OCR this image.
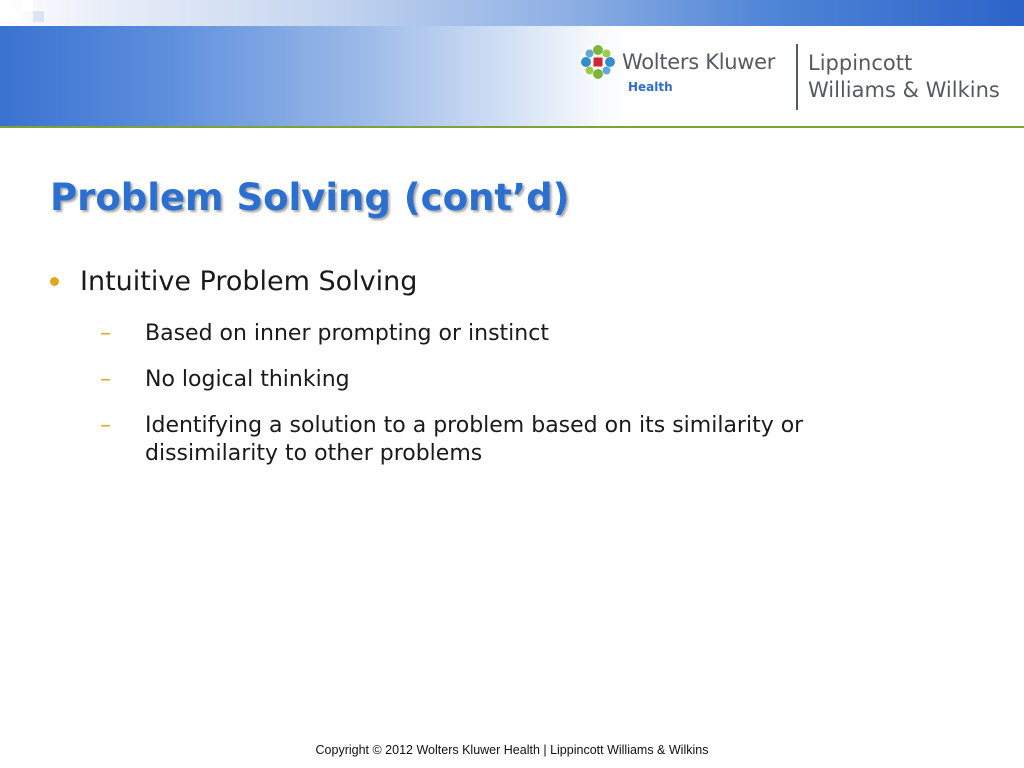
Wolters Kluwer
Health
Lippincott
Williams & Wilkins
Problem Solving (cont’d)
Intuitive Problem Solving
– Based on inner prompting or instinct
– No logical thinking
– Identifying a solution to a problem based on its similarity or dissimilarity to other problems
Copyright © 2012 Wolters Kluwer Health | Lippincott Williams & Wilkins
